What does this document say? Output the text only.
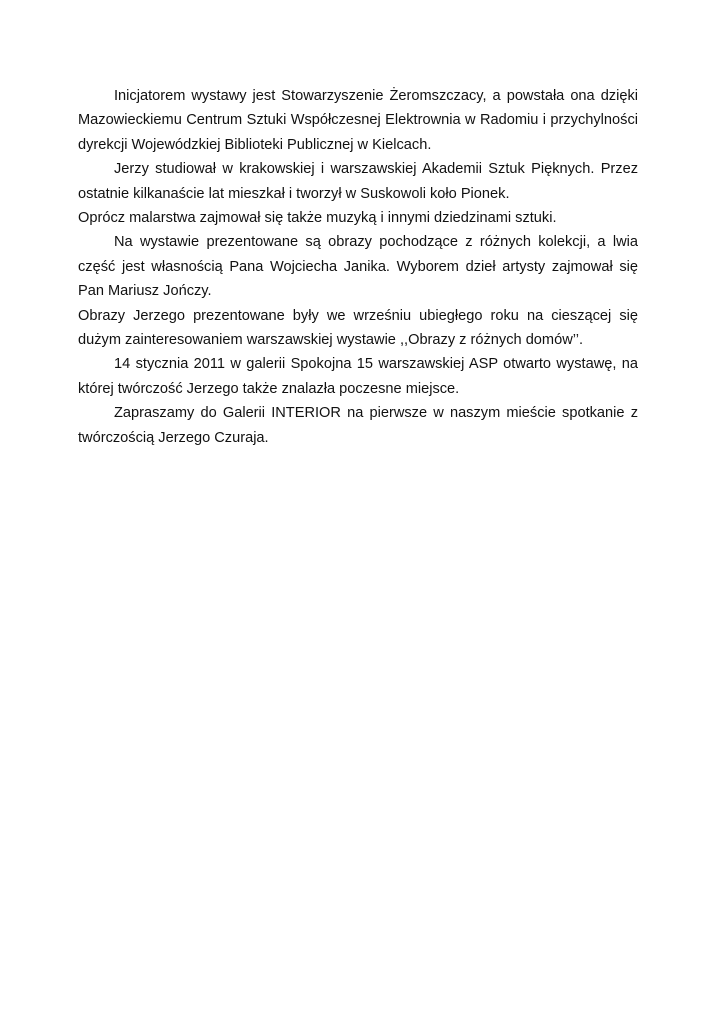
Inicjatorem wystawy jest Stowarzyszenie Żeromszczacy, a powstała ona dzięki Mazowieckiemu Centrum Sztuki Współczesnej Elektrownia w Radomiu i przychylności dyrekcji Wojewódzkiej Biblioteki Publicznej w Kielcach.

Jerzy studiował w krakowskiej i warszawskiej Akademii Sztuk Pięknych. Przez ostatnie kilkanaście lat mieszkał i tworzył w Suskowoli koło Pionek.

Oprócz malarstwa zajmował się także muzyką i innymi dziedzinami sztuki.

Na wystawie prezentowane są obrazy pochodzące z różnych kolekcji, a lwia część jest własnością Pana Wojciecha Janika. Wyborem dzieł artysty zajmował się Pan Mariusz Jończy.

Obrazy Jerzego prezentowane były we wrześniu ubiegłego roku na cieszącej się dużym zainteresowaniem warszawskiej wystawie ,,Obrazy z różnych domów’’.

14 stycznia 2011 w galerii Spokojna 15 warszawskiej ASP otwarto wystawę, na której twórczość Jerzego także znalazła poczesne miejsce.

Zapraszamy do Galerii INTERIOR na pierwsze w naszym mieście spotkanie z twórczością Jerzego Czuraja.
